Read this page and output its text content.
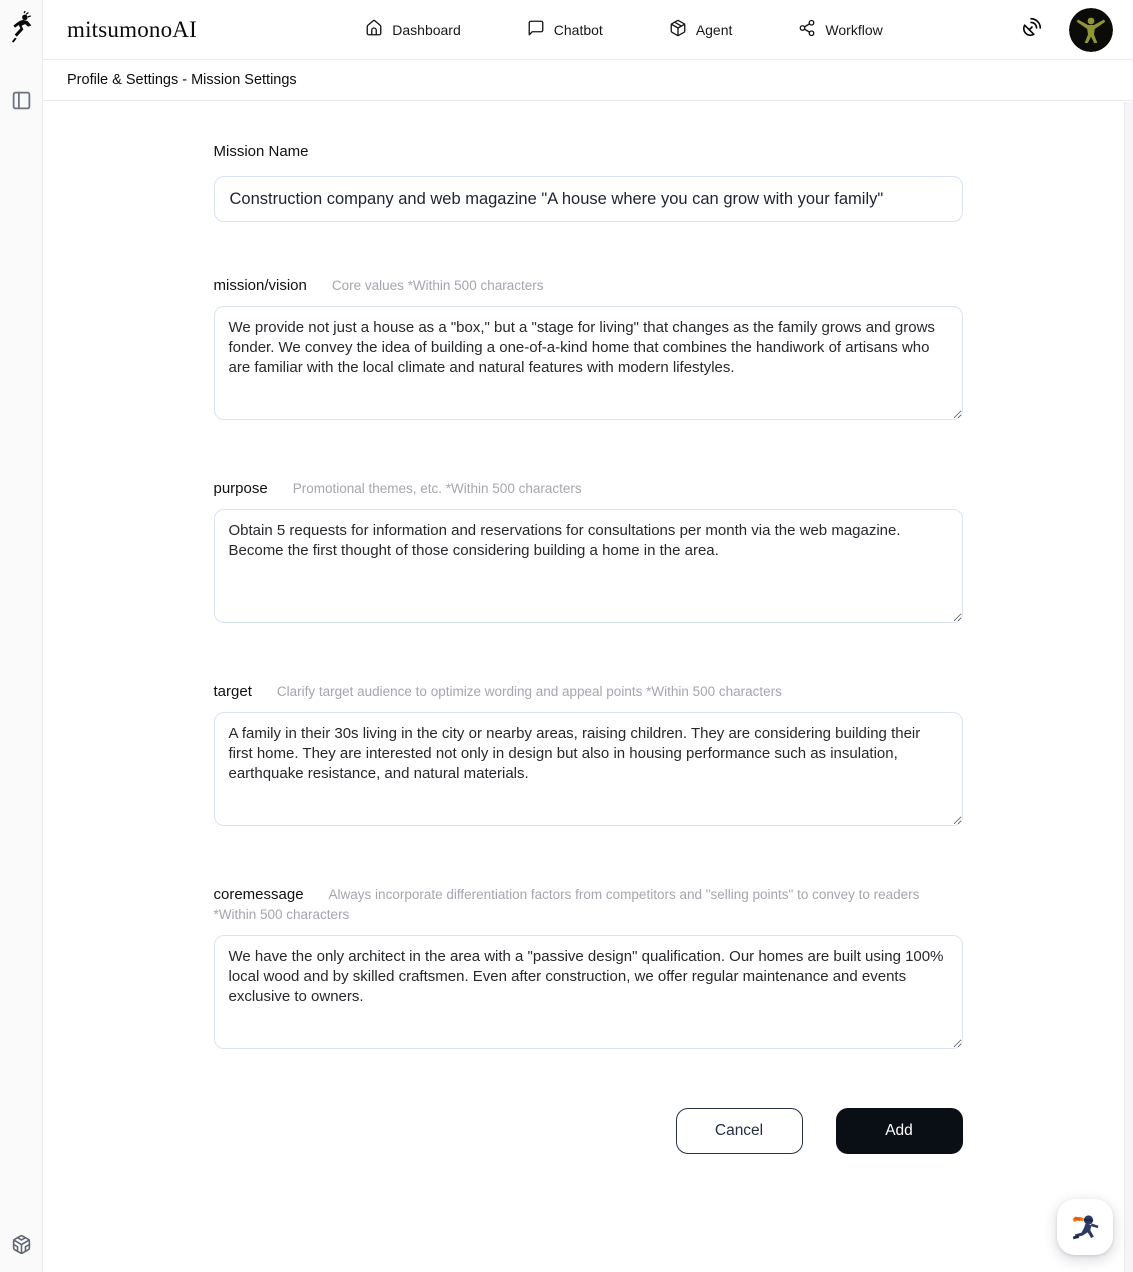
mitsumonoAI	Dashboard	Chatbot	Agent	Workflow
Profile & Settings - Mission Settings
Mission Name
Construction company and web magazine "A house where you can grow with your family"
mission/vision Core values *Within 500 characters
We provide not just a house as a "box," but a "stage for living" that changes as the family grows and grows fonder. We convey the idea of building a one-of-a-kind home that combines the handiwork of artisans who are familiar with the local climate and natural features with modern lifestyles.
purpose Promotional themes, etc. *Within 500 characters
Obtain 5 requests for information and reservations for consultations per month via the web magazine. Become the first thought of those considering building a home in the area.
target Clarify target audience to optimize wording and appeal points *Within 500 characters
A family in their 30s living in the city or nearby areas, raising children. They are considering building their first home. They are interested not only in design but also in housing performance such as insulation, earthquake resistance, and natural materials.
coremessage Always incorporate differentiation factors from competitors and "selling points" to convey to readers *Within 500 characters
We have the only architect in the area with a "passive design" qualification. Our homes are built using 100% local wood and by skilled craftsmen. Even after construction, we offer regular maintenance and events exclusive to owners.
Cancel	Add
